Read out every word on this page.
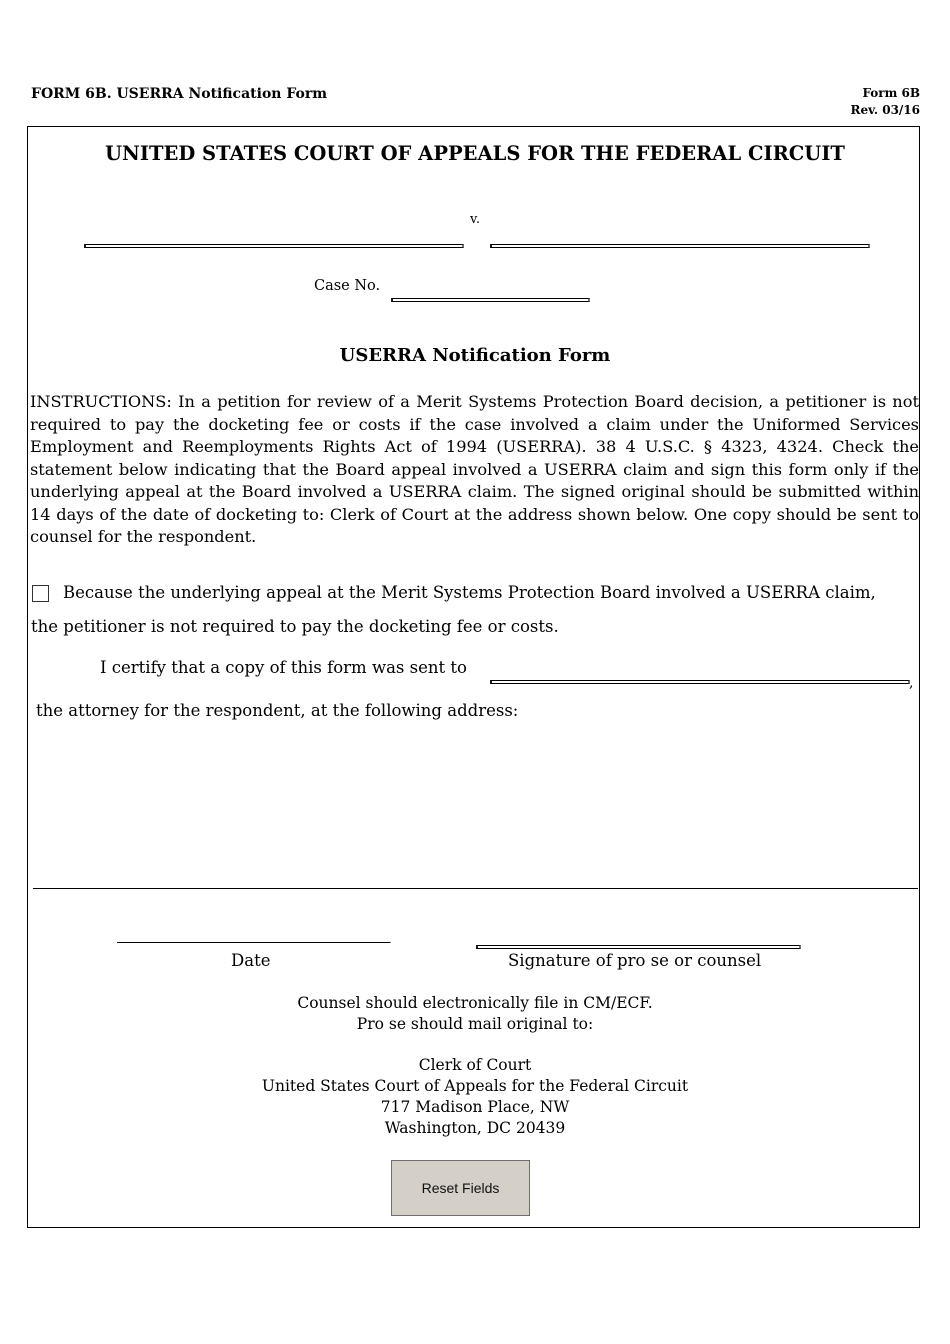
FORM 6B. USERRA Notification Form	Form 6B
Rev. 03/16
UNITED STATES COURT OF APPEALS FOR THE FEDERAL CIRCUIT
v.
Case No.
USERRA Notification Form
INSTRUCTIONS: In a petition for review of a Merit Systems Protection Board decision, a petitioner is not required to pay the docketing fee or costs if the case involved a claim under the Uniformed Services Employment and Reemployments Rights Act of 1994 (USERRA). 38 4 U.S.C. § 4323, 4324. Check the statement below indicating that the Board appeal involved a USERRA claim and sign this form only if the underlying appeal at the Board involved a USERRA claim. The signed original should be submitted within 14 days of the date of docketing to: Clerk of Court at the address shown below. One copy should be sent to counsel for the respondent.
Because the underlying appeal at the Merit Systems Protection Board involved a USERRA claim,
the petitioner is not required to pay the docketing fee or costs.
I certify that a copy of this form was sent to
,
the attorney for the respondent, at the following address:
Date	Signature of pro se or counsel
Counsel should electronically file in CM/ECF.
Pro se should mail original to:
Clerk of Court
United States Court of Appeals for the Federal Circuit
717 Madison Place, NW
Washington, DC 20439
Reset Fields
